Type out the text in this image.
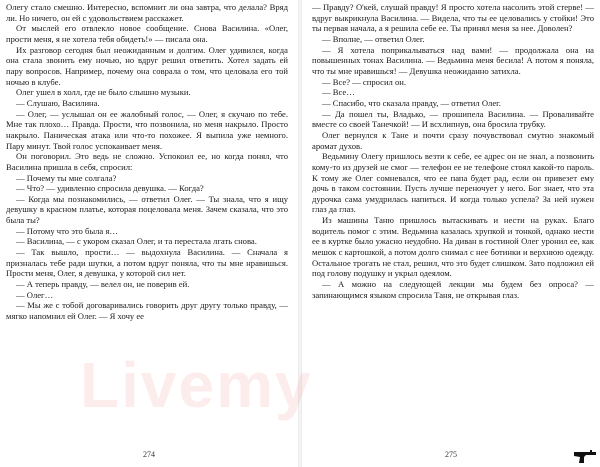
Олегу стало смешно. Интересно, вспомнит ли она завтра, что делала? Вряд ли. Но ничего, он ей с удовольствием расскажет.

От мыслей его отвлекло новое сообщение. Снова Василина. «Олег, прости меня, я не хотела тебя обидеть!» — писала она.

Их разговор сегодня был неожиданным и долгим. Олег удивился, когда она стала звонить ему ночью, но вдруг решил ответить. Хотел задать ей пару вопросов. Например, почему она соврала о том, что целовала его той ночью в клубе.

Олег ушел в холл, где не было слышно музыки.

— Слушаю, Василина.

— Олег, — услышал он ее жалобный голос, — Олег, я скучаю по тебе. Мне так плохо… Правда. Прости, что позвонила, но меня накрыло. Просто накрыло. Паническая атака или что-то похожее. Я выпила уже немного. Пару минут. Твой голос успокаивает меня.

Он поговорил. Это ведь не сложно. Успокоил ее, но когда понял, что Василина пришла в себя, спросил:

— Почему ты мне солгала?

— Что? — удивленно спросила девушка. — Когда?

— Когда мы познакомились, — ответил Олег. — Ты знала, что я ищу девушку в красном платье, которая поцеловала меня. Зачем сказала, что это была ты?

— Потому что это была я…

— Василина, — с укором сказал Олег, и та перестала лгать снова.

— Так вышло, прости… — выдохнула Василина. — Сначала я призналась тебе ради шутки, а потом вдруг поняла, что ты мне нравишься. Прости меня, Олег, я девушка, у которой сил нет.

— А теперь правду, — велел он, не поверив ей.

— Олег…

— Мы же с тобой договаривались говорить друг другу только правду, — мягко напомнил ей Олег. — Я хочу ее

274

— Правду? О'кей, слушай правду! Я просто хотела насолить этой стерве! — вдруг выкрикнула Василина. — Видела, что ты ее целовались у стойки! Это ты первая начала, а я решила себе ее. Ты принял меня за нее. Доволен?

— Вполне, — ответил Олег.

— Я хотела поприкалываться над вами! — продолжала она на повышенных тонах Василина. — Ведьмина меня бесила! А потом я поняла, что ты мне нравишься! — Девушка неожиданно затихла.

— Все? — спросил он.

— Все…

— Спасибо, что сказала правду, — ответил Олег.

— Да пошел ты, Владько, — прошипела Василина. — Проваливайте вместе со своей Танечкой! — И всхлипнув, она бросила трубку.

Олег вернулся к Тане и почти сразу почувствовал смутно знакомый аромат духов.

Ведьмину Олегу пришлось везти к себе, ее адрес он не знал, а позвонить кому-то из друзей не смог — телефон ее не телефоне стоял какой-то пароль. К тому же Олег сомневался, что ее папа будет рад, если он привезет ему дочь в таком состоянии. Пусть лучше переночует у него. Бог знает, что эта дурочка сама умудрилась напиться. И когда только успела? За ней нужен глаз да глаз.

Из машины Таню пришлось вытаскивать и нести на руках. Благо водитель помог с этим. Ведьмина казалась хрупкой и тонкой, однако нести ее в куртке было ужасно неудобно. На диван в гостиной Олег уронил ее, как мешок с картошкой, а потом долго снимал с нее ботинки и верхнюю одежду. Остальное трогать не стал, решил, что это будет слишком. Зато подложил ей под голову подушку и укрыл одеялом.

— А можно на следующей лекции мы будем без опроса? — запинающимся языком спросила Таня, не открывая глаз.

275
Livemy
